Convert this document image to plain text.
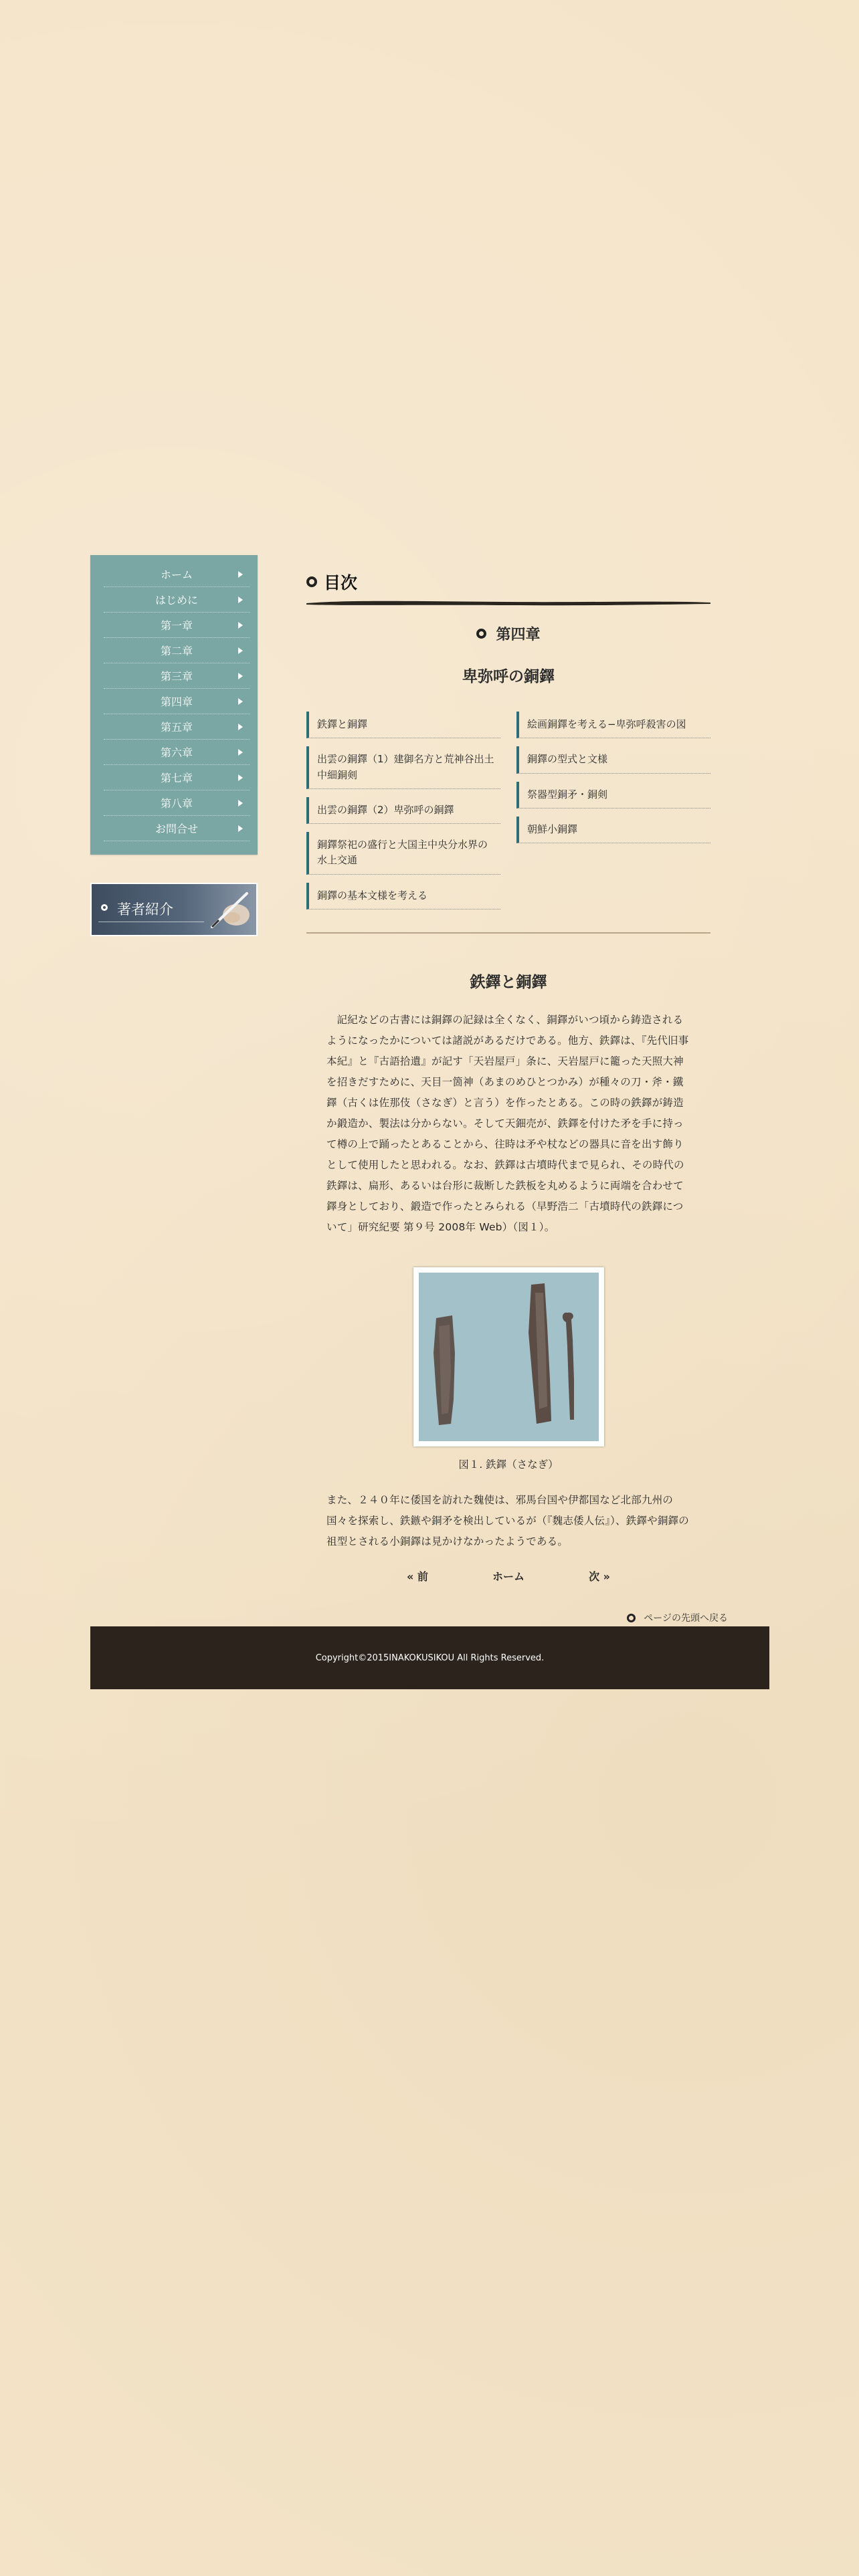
ホーム
はじめに
第一章
第二章
第三章
第四章
第五章
第六章
第七章
第八章
お問合せ
著者紹介
目次
第四章
卑弥呼の銅鐸
鉄鐸と銅鐸
出雲の銅鐸（1）建御名方と荒神谷出土中細銅剣
出雲の銅鐸（2）卑弥呼の銅鐸
銅鐸祭祀の盛行と大国主中央分水界の水上交通
銅鐸の基本文様を考える
絵画銅鐸を考える−卑弥呼殺害の図
銅鐸の型式と文様
祭器型銅矛・銅剣
朝鮮小銅鐸
鉄鐸と銅鐸

記紀などの古書には銅鐸の記録は全くなく、銅鐸がいつ頃から鋳造されるようになったかについては諸説があるだけである。他方、鉄鐸は、『先代旧事本紀』と『古語拾遺』が記す「天岩屋戸」条に、天岩屋戸に籠った天照大神を招きだすために、天目一箇神（あまのめひとつかみ）が種々の刀・斧・鐵鐸（古くは佐那伎（さなぎ）と言う）を作ったとある。この時の鉄鐸が鋳造か鍛造か、製法は分からない。そして天鈿売が、鉄鐸を付けた矛を手に持って樽の上で踊ったとあることから、往時は矛や杖などの器具に音を出す飾りとして使用したと思われる。なお、鉄鐸は古墳時代まで見られ、その時代の鉄鐸は、扁形、あるいは台形に裁断した鉄板を丸めるように両端を合わせて鐸身としており、鍛造で作ったとみられる（早野浩二「古墳時代の鉄鐸について」研究紀要 第９号 2008年 Web）（図１）。

図１. 鉄鐸（さなぎ）

また、２４０年に倭国を訪れた魏使は、邪馬台国や伊都国など北部九州の国々を探索し、鉄鏃や銅矛を検出しているが（『魏志倭人伝』）、鉄鐸や銅鐸の祖型とされる小銅鐸は見かけなかったようである。

« 前	ホーム	次 »
ページの先頭へ戻る
Copyright©2015INAKOKUSIKOU All Rights Reserved.
